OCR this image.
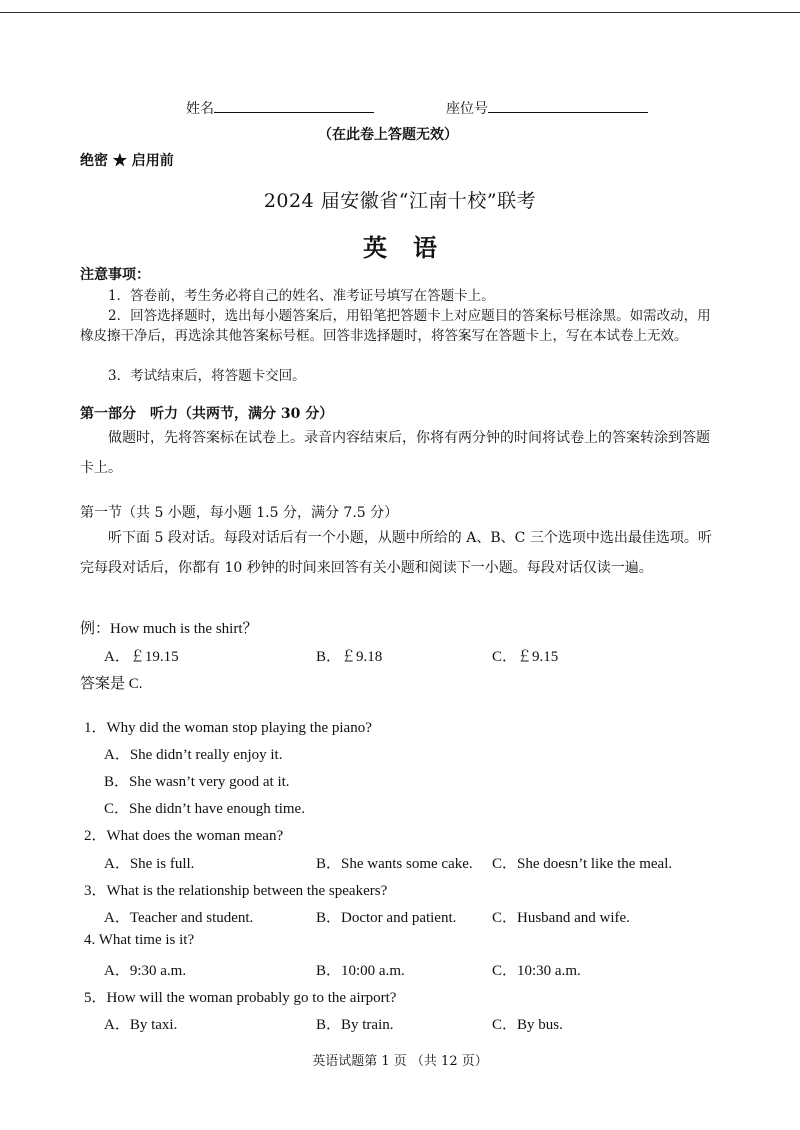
姓名	座位号
（在此卷上答题无效）
绝密 ★ 启用前
2024 届安徽省“江南十校”联考
英语
注意事项：
1．答卷前，考生务必将自己的姓名、准考证号填写在答题卡上。
2．回答选择题时，选出每小题答案后，用铅笔把答题卡上对应题目的答案标号框涂黑。如需改动，用橡皮擦干净后，再选涂其他答案标号框。回答非选择题时，将答案写在答题卡上，写在本试卷上无效。
3．考试结束后，将答题卡交回。
第一部分　听力（共两节，满分 30 分）
做题时，先将答案标在试卷上。录音内容结束后，你将有两分钟的时间将试卷上的答案转涂到答题卡上。
第一节（共 5 小题，每小题 1.5 分，满分 7.5 分）
听下面 5 段对话。每段对话后有一个小题，从题中所给的 A、B、C 三个选项中选出最佳选项。听完每段对话后，你都有 10 秒钟的时间来回答有关小题和阅读下一小题。每段对话仅读一遍。
例：How much is the shirt？
A．￡19.15	B．￡9.18	C．￡9.15
答案是 C.
1．Why did the woman stop playing the piano?
A．She didn’t really enjoy it.
B．She wasn’t very good at it.
C．She didn’t have enough time.
2．What does the woman mean?
A．She is full.	B．She wants some cake. C．She doesn’t like the meal.
3．What is the relationship between the speakers?
A．Teacher and student.	B．Doctor and patient. C．Husband and wife.
4. What time is it?
A．9:30 a.m.	B．10:00 a.m.	C．10:30 a.m.
5．How will the woman probably go to the airport?
A．By taxi.	B．By train.	C．By bus.
英语试题第 1 页 （共 12 页）
